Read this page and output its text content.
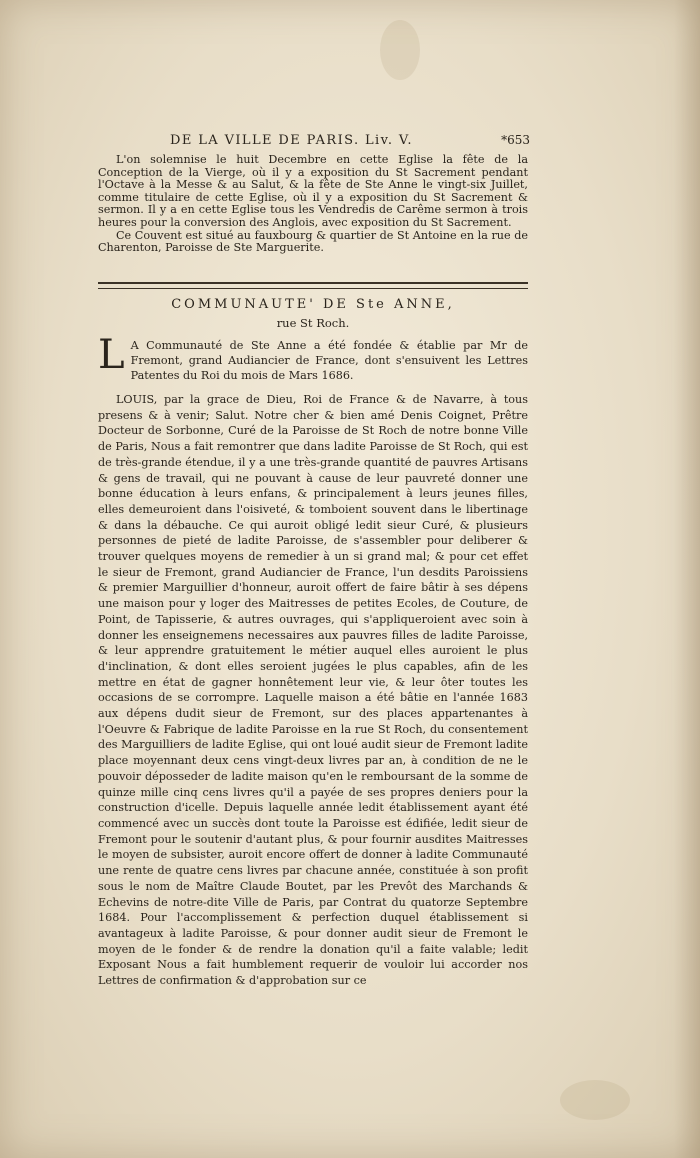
DE LA VILLE DE PARIS. Liv. V.	*653

L'on solemnise le huit Decembre en cette Eglise la fête de la Conception de la Vierge, où il y a exposition du St Sacrement pendant l'Octave à la Messe & au Salut, & la fête de Ste Anne le vingt-six Juillet, comme titulaire de cette Eglise, où il y a exposition du St Sacrement & sermon. Il y a en cette Eglise tous les Vendredis de Carême sermon à trois heures pour la conversion des Anglois, avec exposition du St Sacrement.

Ce Couvent est situé au fauxbourg & quartier de St Antoine en la rue de Charenton, Paroisse de Ste Marguerite.

COMMUNAUTE' DE Ste ANNE,
rue St Roch.
L A Communauté de Ste Anne a été fondée & établie par Mr de Fremont, grand Audiancier de France, dont s'ensuivent les Lettres Patentes du Roi du mois de Mars 1686.

LOUIS, par la grace de Dieu, Roi de France & de Navarre, à tous presens & à venir; Salut. Notre cher & bien amé Denis Coignet, Prêtre Docteur de Sorbonne, Curé de la Paroisse de St Roch de notre bonne Ville de Paris, Nous a fait remontrer que dans ladite Paroisse de St Roch, qui est de très-grande étendue, il y a une très-grande quantité de pauvres Artisans & gens de travail, qui ne pouvant à cause de leur pauvreté donner une bonne éducation à leurs enfans, & principalement à leurs jeunes filles, elles demeuroient dans l'oisiveté, & tomboient souvent dans le libertinage & dans la débauche. Ce qui auroit obligé ledit sieur Curé, & plusieurs personnes de pieté de ladite Paroisse, de s'assembler pour deliberer & trouver quelques moyens de remedier à un si grand mal; & pour cet effet le sieur de Fremont, grand Audiancier de France, l'un desdits Paroissiens & premier Marguillier d'honneur, auroit offert de faire bâtir à ses dépens une maison pour y loger des Maitresses de petites Ecoles, de Couture, de Point, de Tapisserie, & autres ouvrages, qui s'appliqueroient avec soin à donner les enseignemens necessaires aux pauvres filles de ladite Paroisse, & leur apprendre gratuitement le métier auquel elles auroient le plus d'inclination, & dont elles seroient jugées le plus capables, afin de les mettre en état de gagner honnêtement leur vie, & leur ôter toutes les occasions de se corrompre. Laquelle maison a été bâtie en l'année 1683 aux dépens dudit sieur de Fremont, sur des places appartenantes à l'Oeuvre & Fabrique de ladite Paroisse en la rue St Roch, du consentement des Marguilliers de ladite Eglise, qui ont loué audit sieur de Fremont ladite place moyennant deux cens vingt-deux livres par an, à condition de ne le pouvoir déposseder de ladite maison qu'en le remboursant de la somme de quinze mille cinq cens livres qu'il a payée de ses propres deniers pour la construction d'icelle. Depuis laquelle année ledit établissement ayant été commencé avec un succès dont toute la Paroisse est édifiée, ledit sieur de Fremont pour le soutenir d'autant plus, & pour fournir ausdites Maitresses le moyen de subsister, auroit encore offert de donner à ladite Communauté une rente de quatre cens livres par chacune année, constituée à son profit sous le nom de Maître Claude Boutet, par les Prevôt des Marchands & Echevins de notre-dite Ville de Paris, par Contrat du quatorze Septembre 1684. Pour l'accomplissement & perfection duquel établissement si avantageux à ladite Paroisse, & pour donner audit sieur de Fremont le moyen de le fonder & de rendre la donation qu'il a faite valable; ledit Exposant Nous a fait humblement requerir de vouloir lui accorder nos Lettres de confirmation & d'approbation sur ce
